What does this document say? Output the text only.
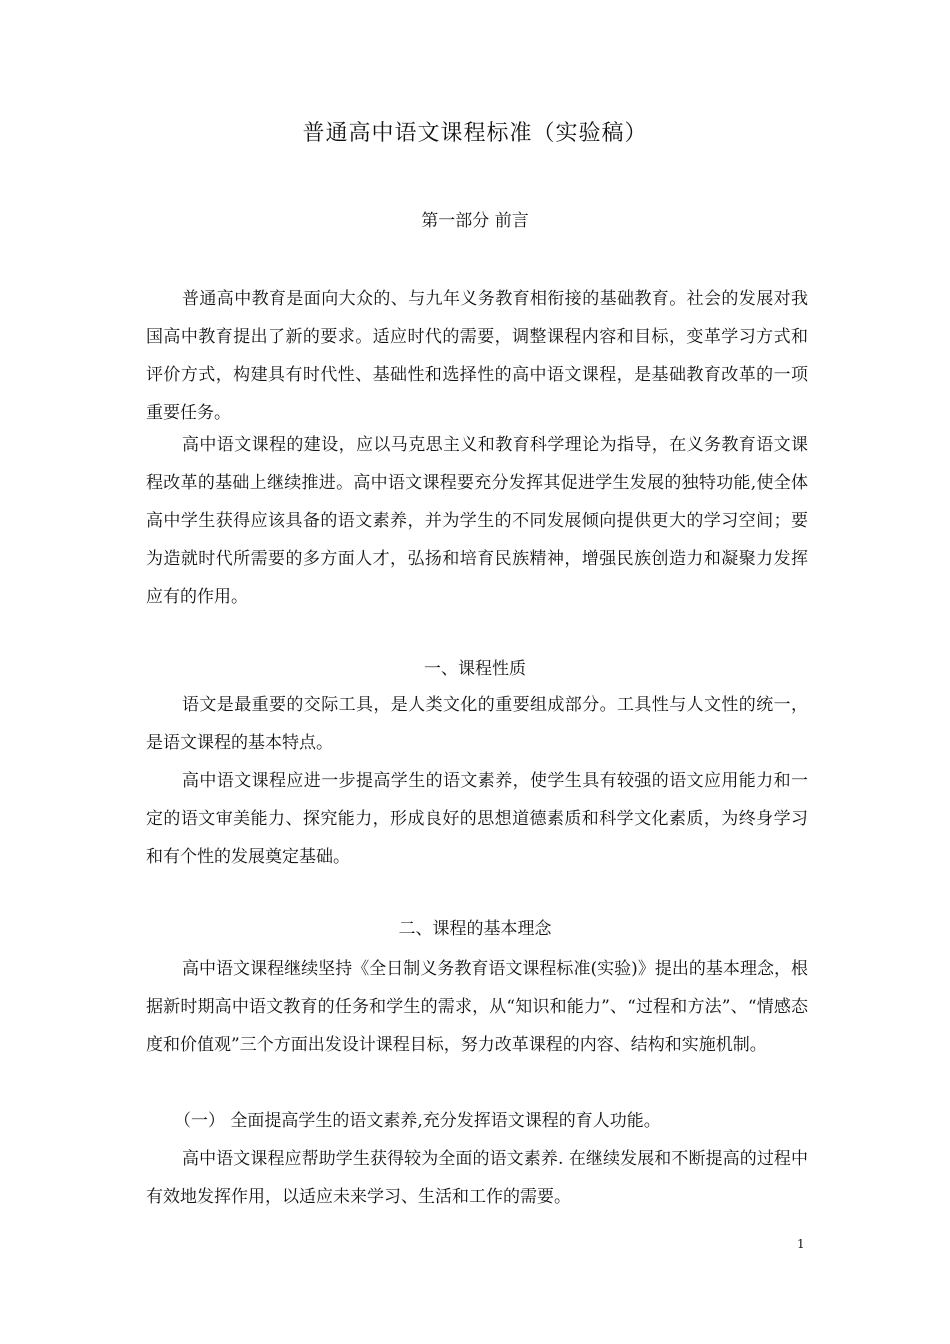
普通高中语文课程标准（实验稿）
第一部分 前言

普通高中教育是面向大众的、与九年义务教育相衔接的基础教育。社会的发展对我国高中教育提出了新的要求。适应时代的需要，调整课程内容和目标，变革学习方式和评价方式，构建具有时代性、基础性和选择性的高中语文课程，是基础教育改革的一项重要任务。

高中语文课程的建设，应以马克思主义和教育科学理论为指导，在义务教育语文课程改革的基础上继续推进。高中语文课程要充分发挥其促进学生发展的独特功能,使全体高中学生获得应该具备的语文素养，并为学生的不同发展倾向提供更大的学习空间；要为造就时代所需要的多方面人才，弘扬和培育民族精神，增强民族创造力和凝聚力发挥应有的作用。

一、课程性质

语文是最重要的交际工具，是人类文化的重要组成部分。工具性与人文性的统一，是语文课程的基本特点。

高中语文课程应进一步提高学生的语文素养，使学生具有较强的语文应用能力和一定的语文审美能力、探究能力，形成良好的思想道德素质和科学文化素质，为终身学习和有个性的发展奠定基础。

二、课程的基本理念

高中语文课程继续坚持《全日制义务教育语文课程标准(实验)》提出的基本理念，根据新时期高中语文教育的任务和学生的需求，从“知识和能力”、“过程和方法”、“情感态度和价值观”三个方面出发设计课程目标，努力改革课程的内容、结构和实施机制。

（一） 全面提高学生的语文素养,充分发挥语文课程的育人功能。

高中语文课程应帮助学生获得较为全面的语文素养. 在继续发展和不断提高的过程中有效地发挥作用，以适应未来学习、生活和工作的需要。

1
